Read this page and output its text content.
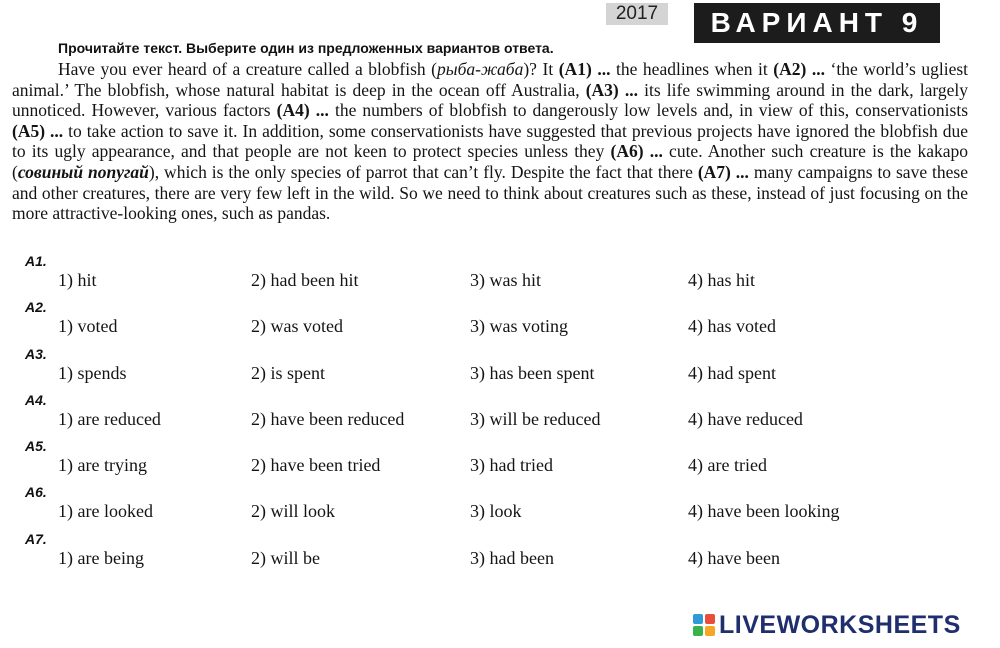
2017	ВАРИАНТ 9
Прочитайте текст. Выберите один из предложенных вариантов ответа.
Have you ever heard of a creature called a blobfish (рыба-жаба)? It (A1) ... the headlines when it (A2) ... ‘the world’s ugliest animal.’ The blobfish, whose natural habitat is deep in the ocean off Australia, (A3) ... its life swimming around in the dark, largely unnoticed. However, various factors (A4) ... the numbers of blobfish to dangerously low levels and, in view of this, conservationists (A5) ... to take action to save it. In addition, some conservationists have suggested that previous projects have ignored the blobfish due to its ugly appearance, and that people are not keen to protect species unless they (A6) ... cute. Another such creature is the kakapo (совиный попугай), which is the only species of parrot that can’t fly. Despite the fact that there (A7) ... many campaigns to save these and other creatures, there are very few left in the wild. So we need to think about creatures such as these, instead of just focusing on the more attractive-looking ones, such as pandas.
A1.
1) hit	2) had been hit	3) was hit	4) has hit
A2.
1) voted	2) was voted	3) was voting	4) has voted
A3.
1) spends	2) is spent	3) has been spent	4) had spent
A4.
1) are reduced	2) have been reduced	3) will be reduced	4) have reduced
A5.
1) are trying	2) have been tried	3) had tried	4) are tried
A6.
1) are looked	2) will look	3) look	4) have been looking
A7.
1) are being	2) will be	3) had been	4) have been
LIVEWORKSHEETS
